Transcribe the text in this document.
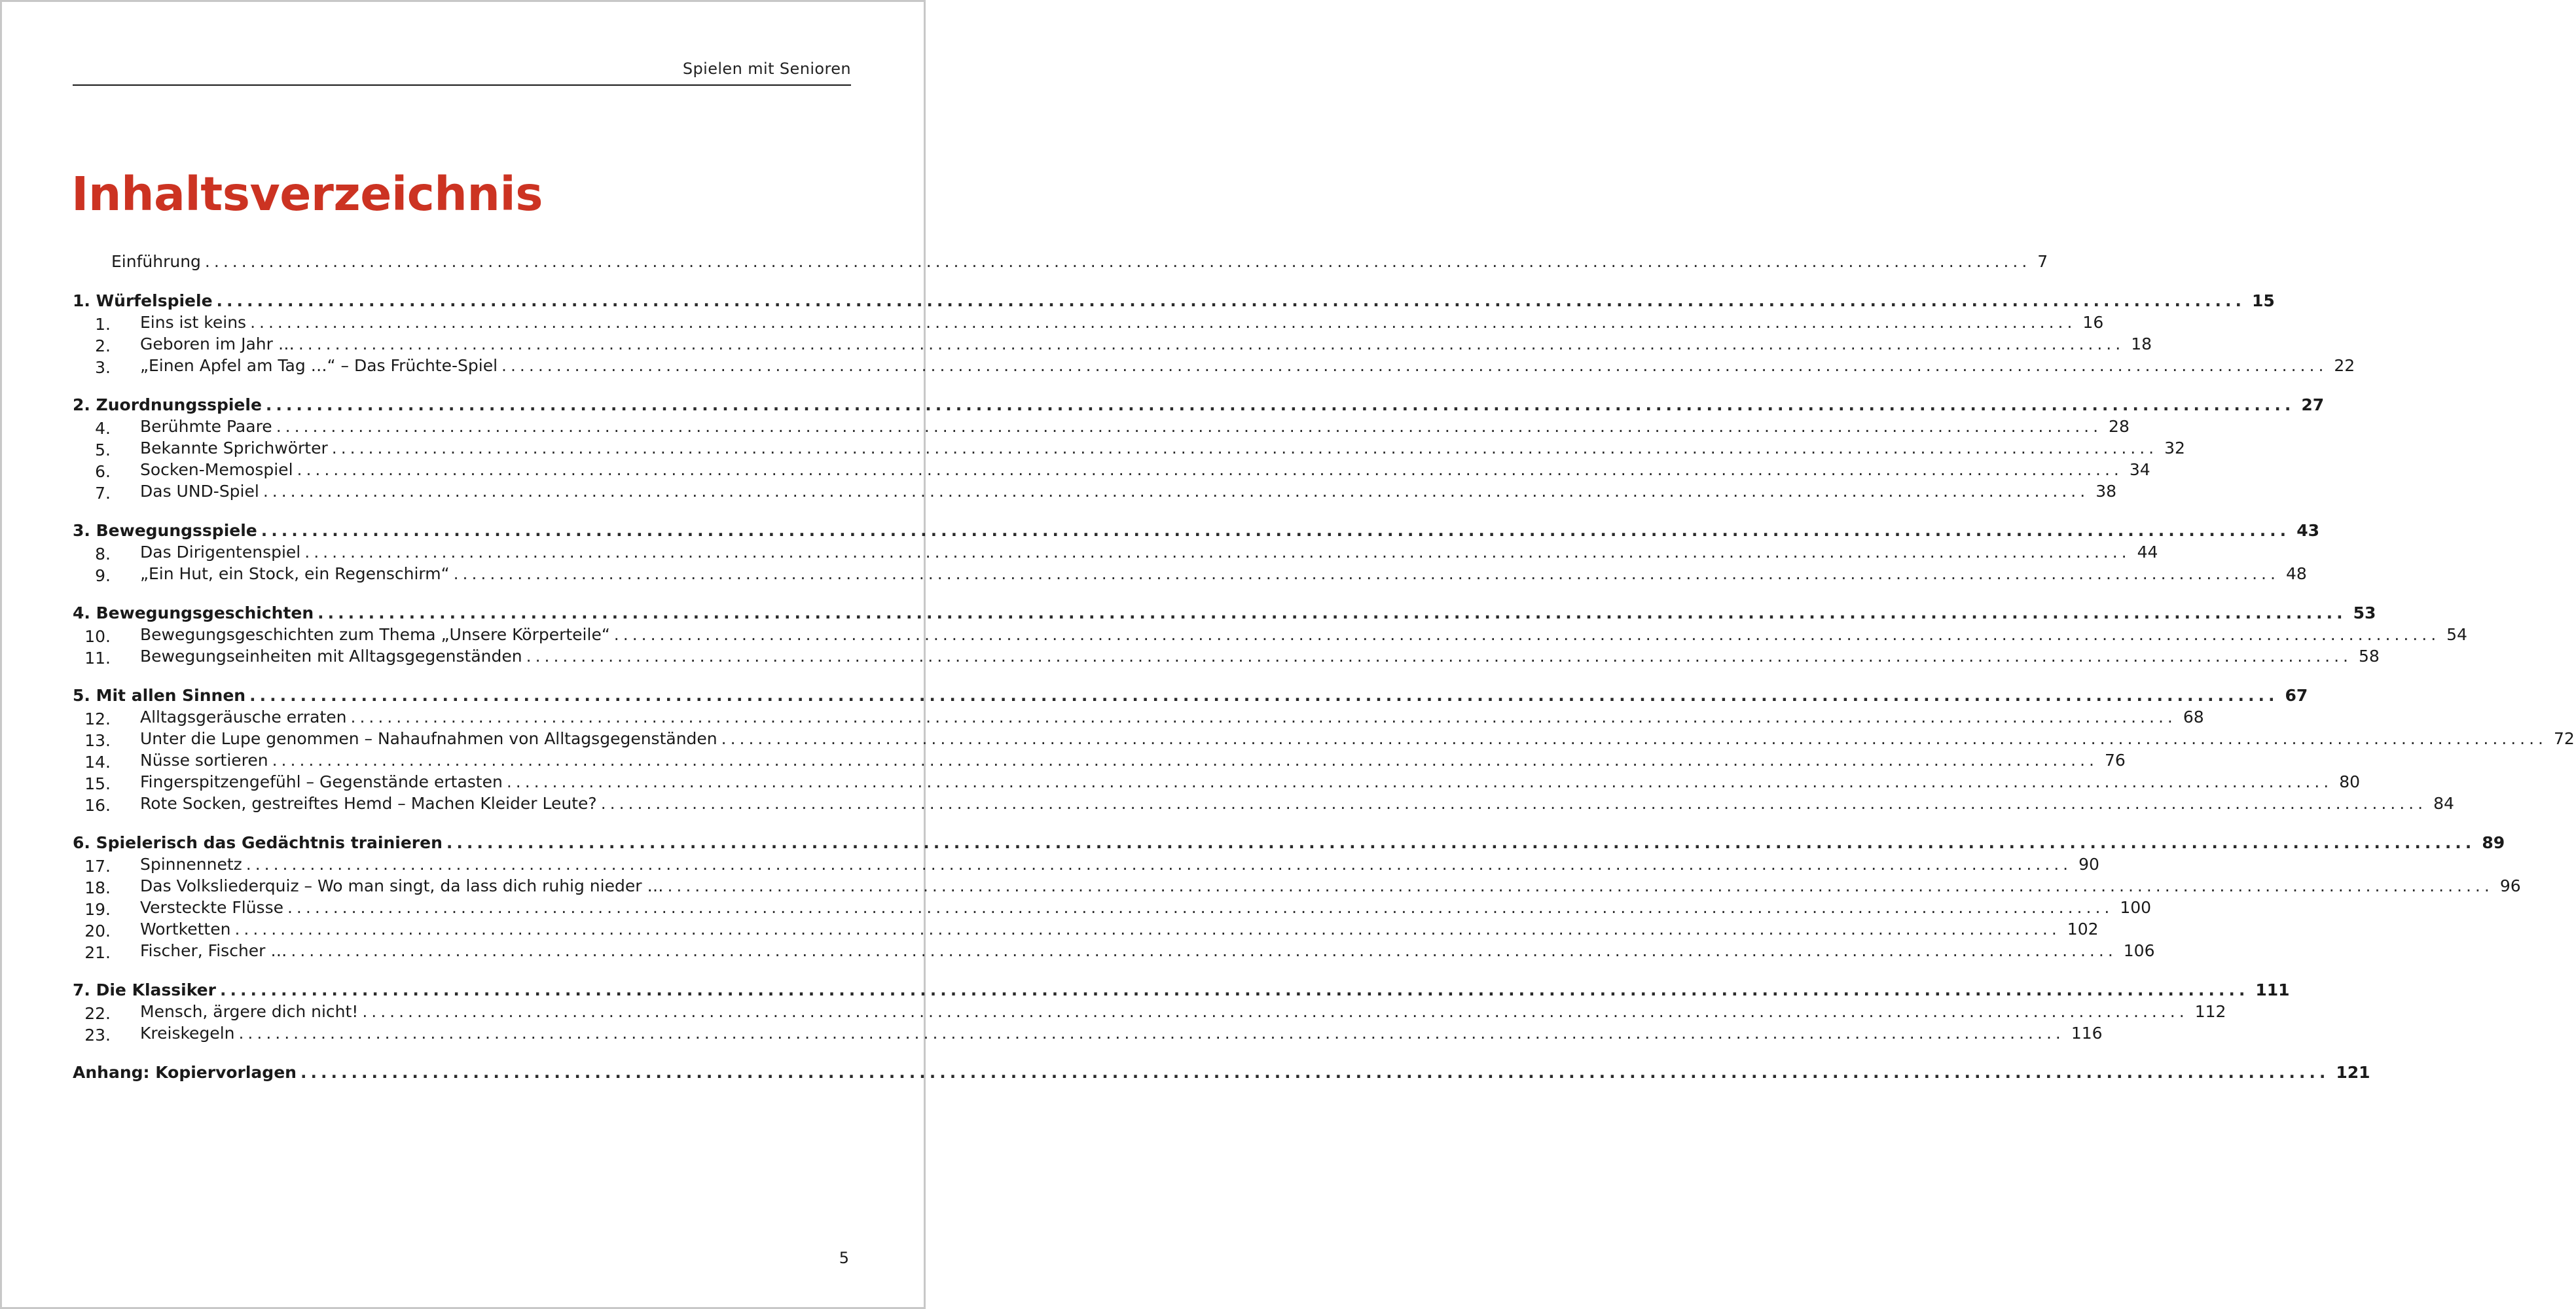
Spielen mit Senioren
Inhaltsverzeichnis
Einführung ........................................................................................................................................................................................................ 7
1. Würfelspiele ........................................................................................................................................................................................................ 15
1. Eins ist keins ........................................................................................................................................................................................................ 16
2. Geboren im Jahr … ........................................................................................................................................................................................................ 18
3. „Einen Apfel am Tag …“ – Das Früchte-Spiel ........................................................................................................................................................................................................ 22
2. Zuordnungsspiele ........................................................................................................................................................................................................ 27
4. Berühmte Paare ........................................................................................................................................................................................................ 28
5. Bekannte Sprichwörter ........................................................................................................................................................................................................ 32
6. Socken-Memospiel ........................................................................................................................................................................................................ 34
7. Das UND-Spiel ........................................................................................................................................................................................................ 38
3. Bewegungsspiele ........................................................................................................................................................................................................ 43
8. Das Dirigentenspiel ........................................................................................................................................................................................................ 44
9. „Ein Hut, ein Stock, ein Regenschirm“ ........................................................................................................................................................................................................ 48
4. Bewegungsgeschichten ........................................................................................................................................................................................................ 53
10. Bewegungsgeschichten zum Thema „Unsere Körperteile“ ........................................................................................................................................................................................................ 54
11. Bewegungseinheiten mit Alltagsgegenständen ........................................................................................................................................................................................................ 58
5. Mit allen Sinnen ........................................................................................................................................................................................................ 67
12. Alltagsgeräusche erraten ........................................................................................................................................................................................................ 68
13. Unter die Lupe genommen – Nahaufnahmen von Alltagsgegenständen ........................................................................................................................................................................................................ 72
14. Nüsse sortieren ........................................................................................................................................................................................................ 76
15. Fingerspitzengefühl – Gegenstände ertasten ........................................................................................................................................................................................................ 80
16. Rote Socken, gestreiftes Hemd – Machen Kleider Leute? ........................................................................................................................................................................................................ 84
6. Spielerisch das Gedächtnis trainieren ........................................................................................................................................................................................................ 89
17. Spinnennetz ........................................................................................................................................................................................................ 90
18. Das Volksliederquiz – Wo man singt, da lass dich ruhig nieder … ........................................................................................................................................................................................................ 96
19. Versteckte Flüsse ........................................................................................................................................................................................................ 100
20. Wortketten ........................................................................................................................................................................................................ 102
21. Fischer, Fischer … ........................................................................................................................................................................................................ 106
7. Die Klassiker ........................................................................................................................................................................................................ 111
22. Mensch, ärgere dich nicht! ........................................................................................................................................................................................................ 112
23. Kreiskegeln ........................................................................................................................................................................................................ 116
Anhang: Kopiervorlagen ........................................................................................................................................................................................................ 121
5
